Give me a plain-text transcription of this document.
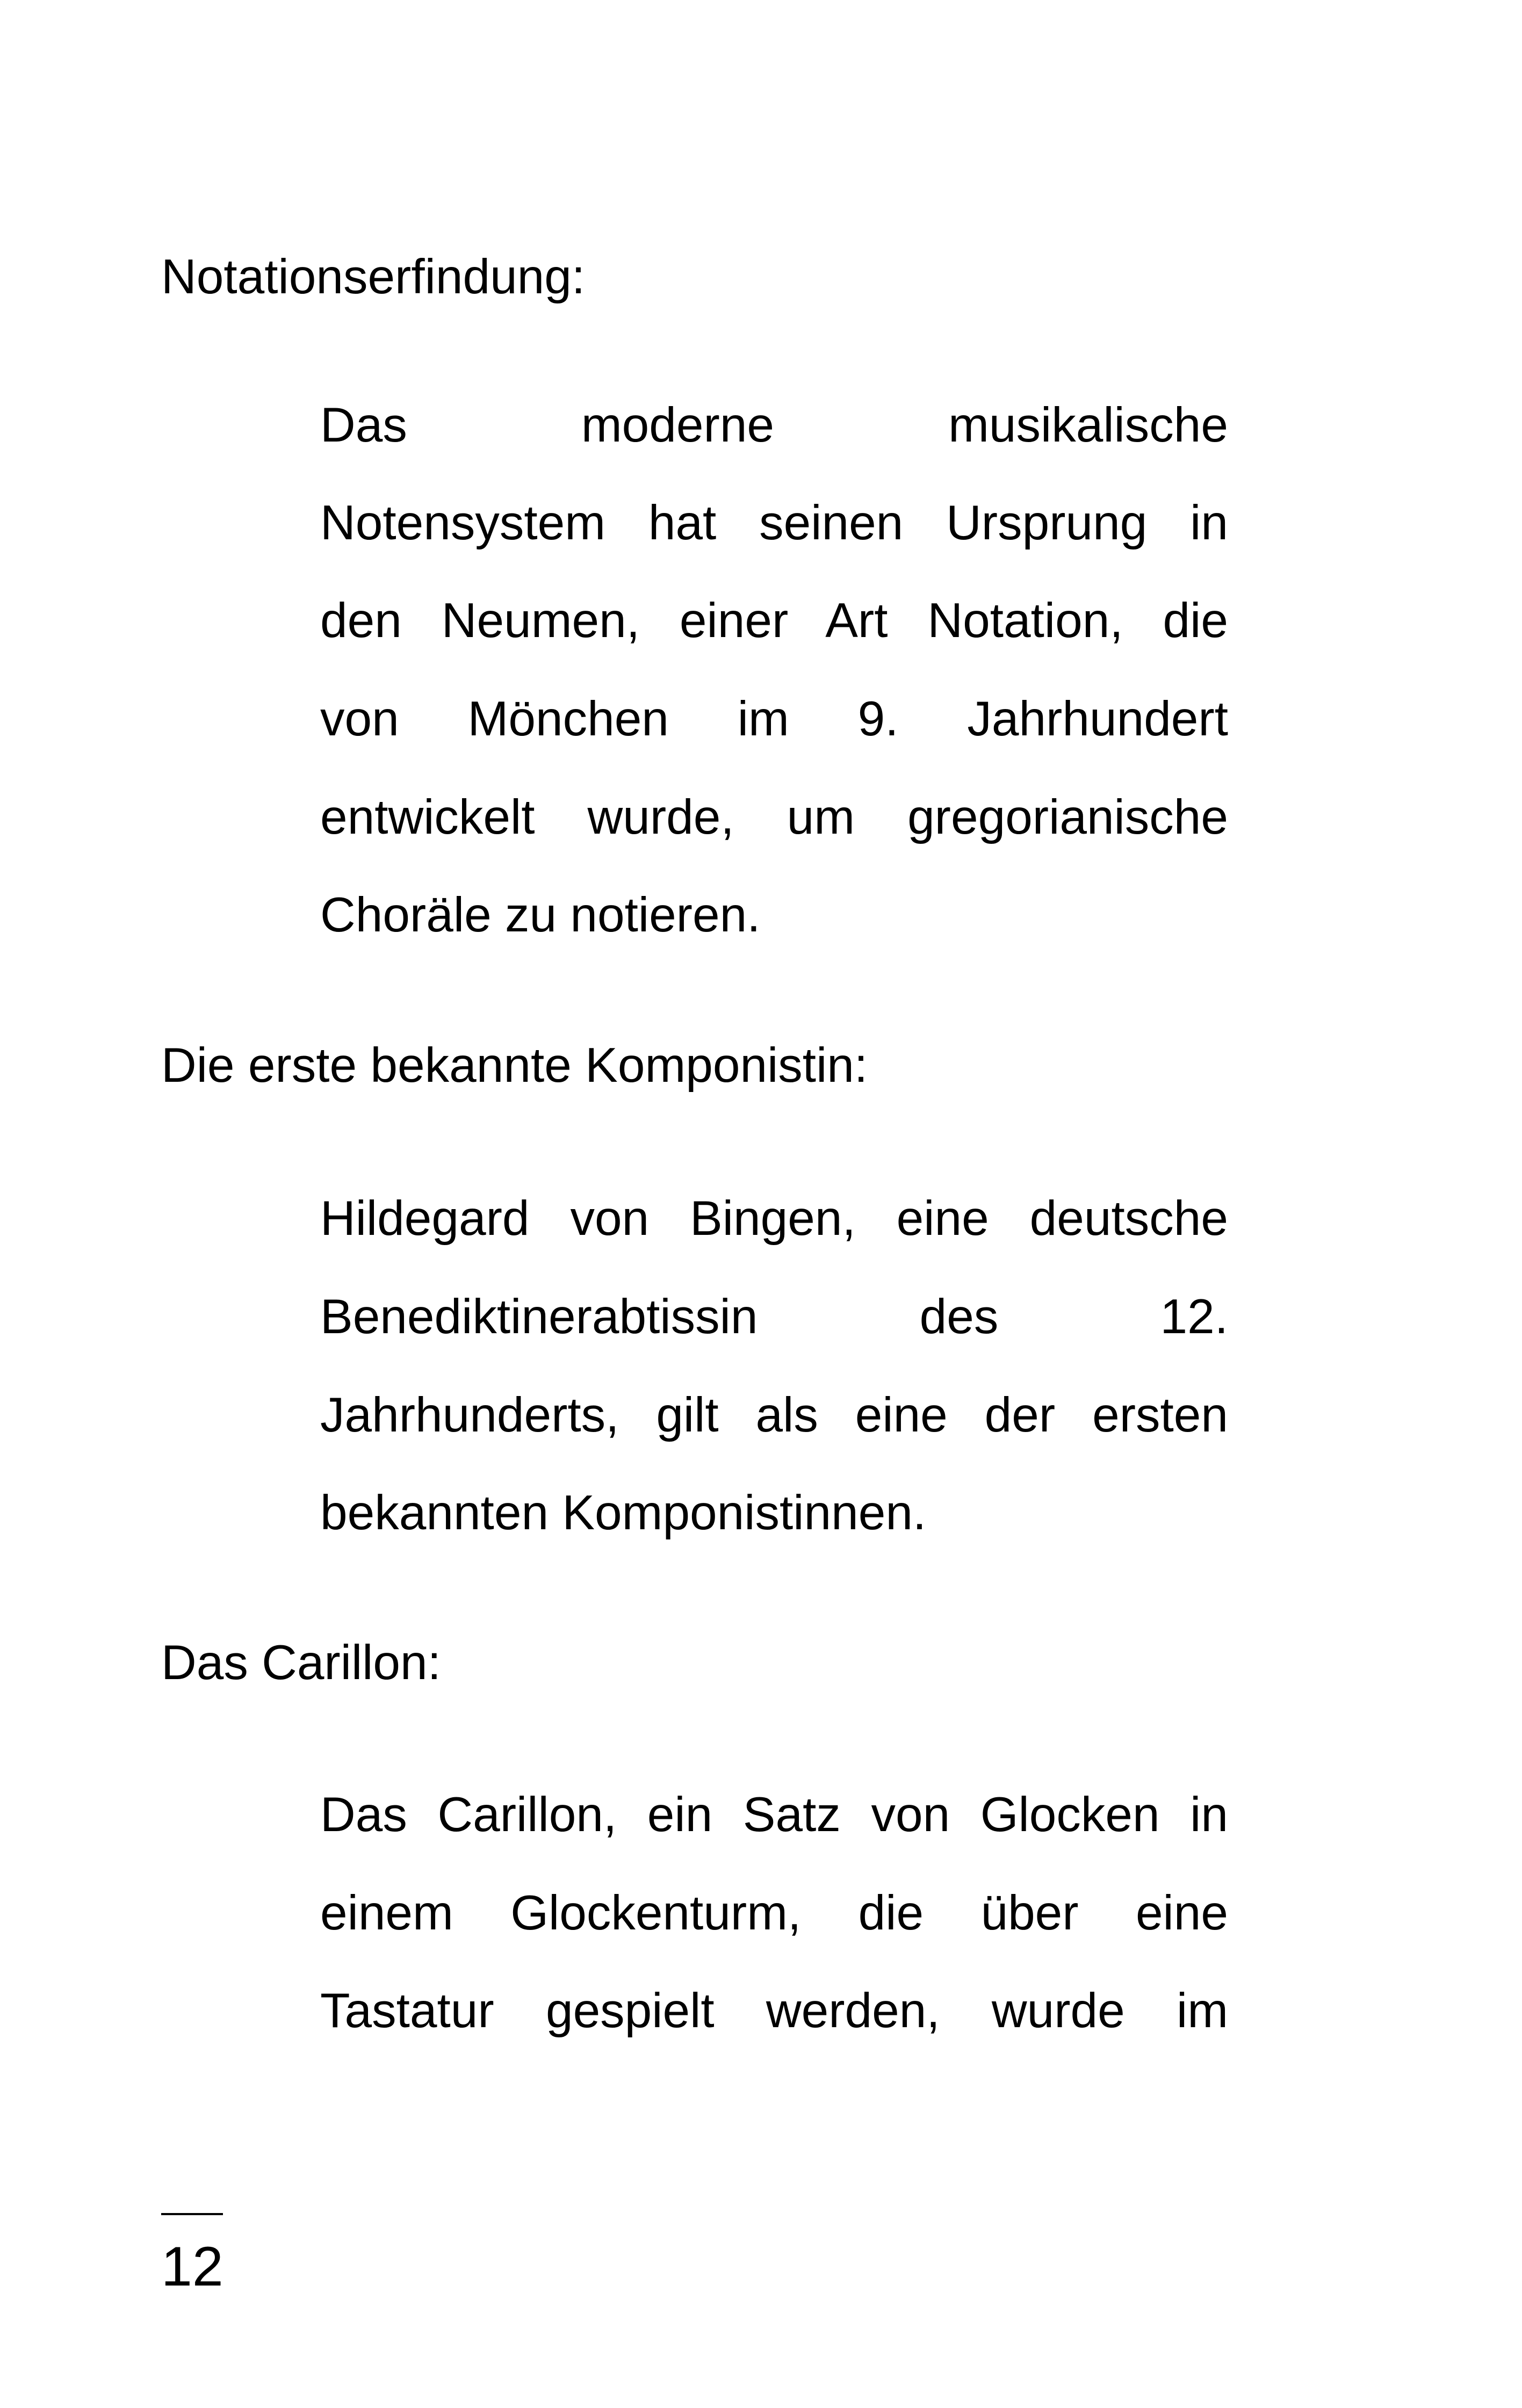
Notationserfindung:
Das moderne musikalische
Notensystem hat seinen Ursprung in
den Neumen, einer Art Notation, die
von Mönchen im 9. Jahrhundert
entwickelt wurde, um gregorianische
Choräle zu notieren.
Die erste bekannte Komponistin:
Hildegard von Bingen, eine deutsche
Benediktinerabtissin des 12.
Jahrhunderts, gilt als eine der ersten
bekannten Komponistinnen.
Das Carillon:
Das Carillon, ein Satz von Glocken in
einem Glockenturm, die über eine
Tastatur gespielt werden, wurde im
12
